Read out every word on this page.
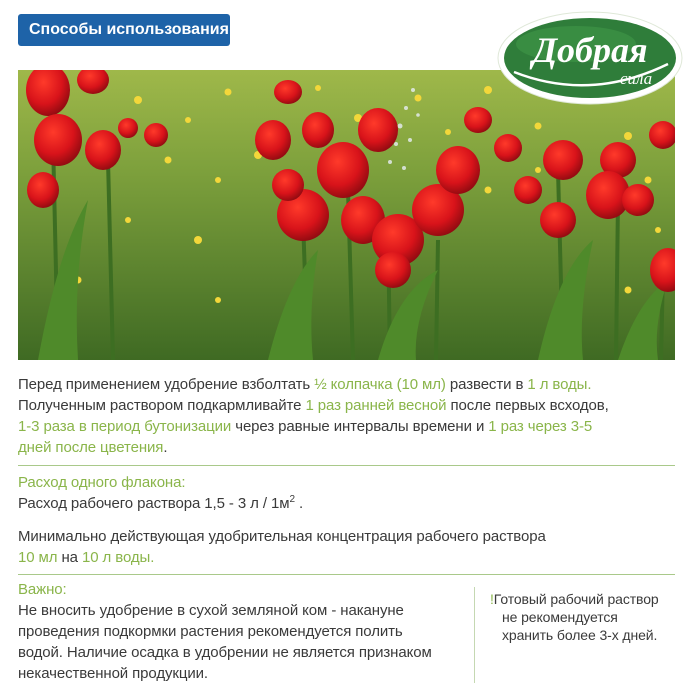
Способы использования
Добрая
сила
Перед применением удобрение взболтать ½ колпачка (10 мл) развести в 1 л воды.
Полученным раствором подкармливайте 1 раз ранней весной после первых всходов,
1-3 раза в период бутонизации через равные интервалы времени и 1 раз через 3-5
дней после цветения.
Расход одного флакона:
Расход рабочего раствора 1,5 - 3 л / $1м^2$ .
Минимально действующая удобрительная концентрация рабочего раствора
10 мл на 10 л воды.
Важно:
Не вносить удобрение в сухой земляной ком - накануне
проведения подкормки растения рекомендуется полить
водой. Наличие осадка в удобрении не является признаком
некачественной продукции.
!Готовый рабочий раствор
не рекомендуется
хранить более 3-х дней.
